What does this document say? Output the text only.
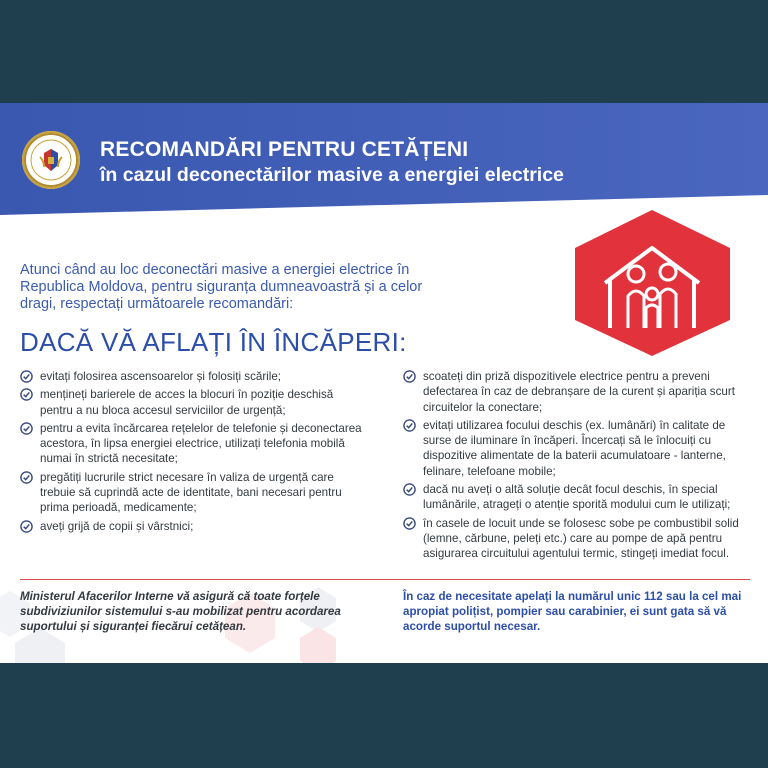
RECOMANDĂRI PENTRU CETĂȚENI
în cazul deconectărilor masive a energiei electrice
Atunci când au loc deconectări masive a energiei electrice în Republica Moldova, pentru siguranța dumneavoastră și a celor dragi, respectați următoarele recomandări:
DACĂ VĂ AFLAȚI ÎN ÎNCĂPERI:
evitați folosirea ascensoarelor și folosiți scările;
mențineți barierele de acces la blocuri în poziție deschisă pentru a nu bloca accesul serviciilor de urgență;
pentru a evita încărcarea rețelelor de telefonie și deconectarea acestora, în lipsa energiei electrice, utilizați telefonia mobilă numai în strictă necesitate;
pregătiți lucrurile strict necesare în valiza de urgență care trebuie să cuprindă acte de identitate, bani necesari pentru prima perioadă, medicamente;
aveți grijă de copii și vârstnici;
scoateți din priză dispozitivele electrice pentru a preveni defectarea în caz de debranșare de la curent și apariția scurt circuitelor la conectare;
evitați utilizarea focului deschis (ex. lumânări) în calitate de surse de iluminare în încăperi. Încercați să le înlocuiți cu dispozitive alimentate de la baterii acumulatoare - lanterne, felinare, telefoane mobile;
dacă nu aveți o altă soluție decât focul deschis, în special lumânările, atrageți o atenție sporită modului cum le utilizați;
în casele de locuit unde se folosesc sobe pe combustibil solid (lemne, cărbune, peleți etc.) care au pompe de apă pentru asigurarea circuitului agentului termic, stingeți imediat focul.
Ministerul Afacerilor Interne vă asigură că toate forțele subdiviziunilor sistemului s-au mobilizat pentru acordarea suportului și siguranței fiecărui cetățean.
În caz de necesitate apelați la numărul unic 112 sau la cel mai apropiat polițist, pompier sau carabinier, ei sunt gata să vă acorde suportul necesar.
